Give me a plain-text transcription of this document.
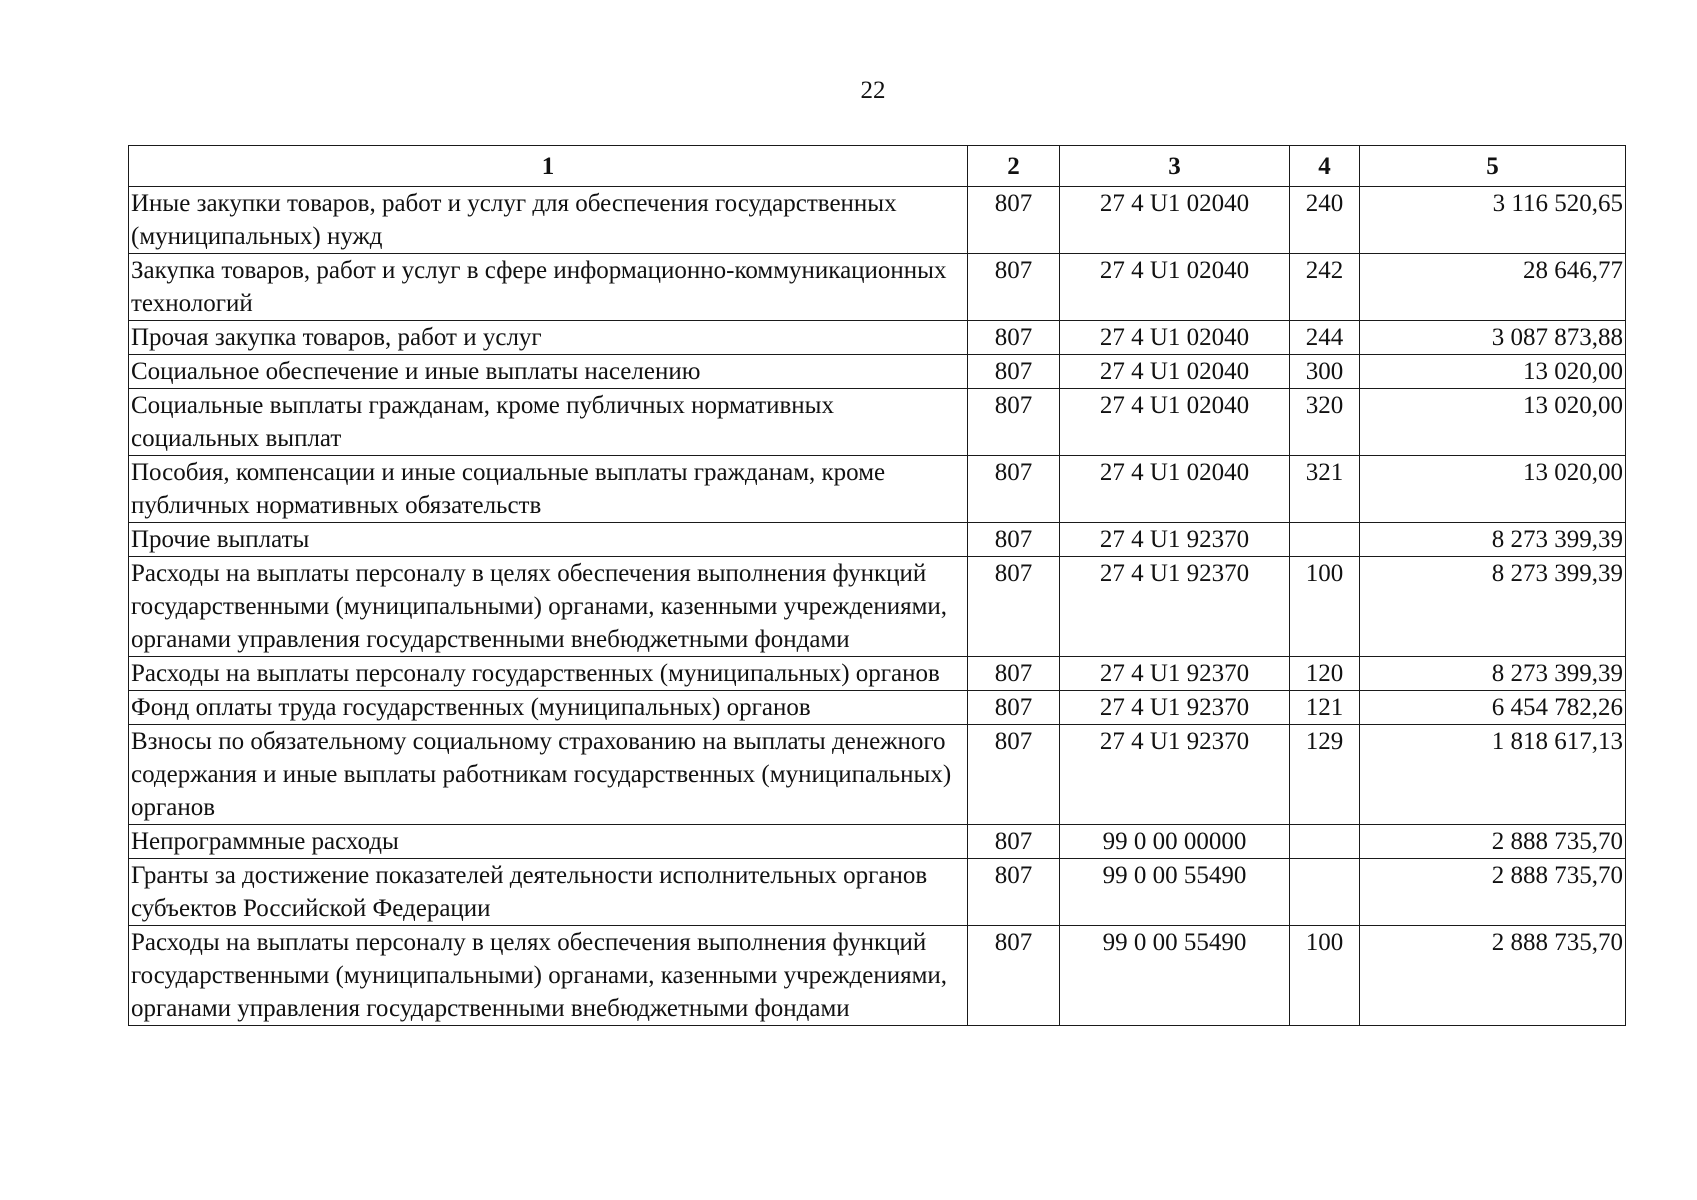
22
1	2	3	4	5
Иные закупки товаров, работ и услуг для обеспечения государственных (муниципальных) нужд	807	27 4 U1 02040	240	3 116 520,65
Закупка товаров, работ и услуг в сфере информационно-коммуникационных технологий	807	27 4 U1 02040	242	28 646,77
Прочая закупка товаров, работ и услуг	807	27 4 U1 02040	244	3 087 873,88
Социальное обеспечение и иные выплаты населению	807	27 4 U1 02040	300	13 020,00
Социальные выплаты гражданам, кроме публичных нормативных социальных выплат	807	27 4 U1 02040	320	13 020,00
Пособия, компенсации и иные социальные выплаты гражданам, кроме публичных нормативных обязательств	807	27 4 U1 02040	321	13 020,00
Прочие выплаты	807	27 4 U1 92370		8 273 399,39
Расходы на выплаты персоналу в целях обеспечения выполнения функций государственными (муниципальными) органами, казенными учреждениями, органами управления государственными внебюджетными фондами	807	27 4 U1 92370	100	8 273 399,39
Расходы на выплаты персоналу государственных (муниципальных) органов	807	27 4 U1 92370	120	8 273 399,39
Фонд оплаты труда государственных (муниципальных) органов	807	27 4 U1 92370	121	6 454 782,26
Взносы по обязательному социальному страхованию на выплаты денежного содержания и иные выплаты работникам государственных (муниципальных) органов	807	27 4 U1 92370	129	1 818 617,13
Непрограммные расходы	807	99 0 00 00000		2 888 735,70
Гранты за достижение показателей деятельности исполнительных органов субъектов Российской Федерации	807	99 0 00 55490		2 888 735,70
Расходы на выплаты персоналу в целях обеспечения выполнения функций государственными (муниципальными) органами, казенными учреждениями, органами управления государственными внебюджетными фондами	807	99 0 00 55490	100	2 888 735,70
